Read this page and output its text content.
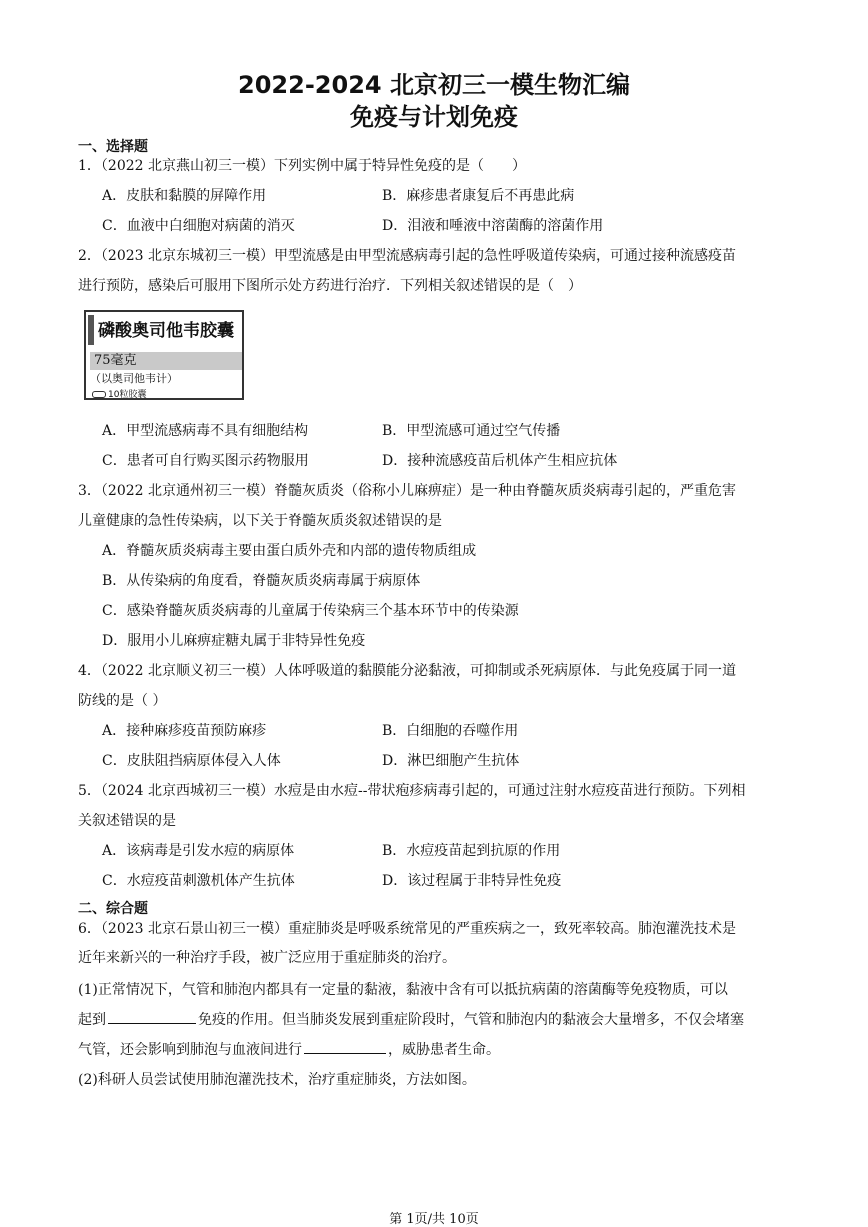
2022-2024 北京初三一模生物汇编
免疫与计划免疫
一、选择题
1．（2022 北京燕山初三一模）下列实例中属于特异性免疫的是（　　）
A．皮肤和黏膜的屏障作用	B．麻疹患者康复后不再患此病
C．血液中白细胞对病菌的消灭	D．泪液和唾液中溶菌酶的溶菌作用
2．（2023 北京东城初三一模）甲型流感是由甲型流感病毒引起的急性呼吸道传染病，可通过接种流感疫苗
进行预防，感染后可服用下图所示处方药进行治疗．下列相关叙述错误的是（　）
磷酸奥司他韦胶囊
75毫克
（以奥司他韦计）
10粒胶囊
A．甲型流感病毒不具有细胞结构	B．甲型流感可通过空气传播
C．患者可自行购买图示药物服用	D．接种流感疫苗后机体产生相应抗体
3．（2022 北京通州初三一模）脊髓灰质炎（俗称小儿麻痹症）是一种由脊髓灰质炎病毒引起的，严重危害
儿童健康的急性传染病，以下关于脊髓灰质炎叙述错误的是
A．脊髓灰质炎病毒主要由蛋白质外壳和内部的遗传物质组成
B．从传染病的角度看，脊髓灰质炎病毒属于病原体
C．感染脊髓灰质炎病毒的儿童属于传染病三个基本环节中的传染源
D．服用小儿麻痹症糖丸属于非特异性免疫
4．（2022 北京顺义初三一模）人体呼吸道的黏膜能分泌黏液，可抑制或杀死病原体．与此免疫属于同一道
防线的是（ ）
A．接种麻疹疫苗预防麻疹	B．白细胞的吞噬作用
C．皮肤阻挡病原体侵入人体	D．淋巴细胞产生抗体
5．（2024 北京西城初三一模）水痘是由水痘--带状疱疹病毒引起的，可通过注射水痘疫苗进行预防。下列相
关叙述错误的是
A．该病毒是引发水痘的病原体	B．水痘疫苗起到抗原的作用
C．水痘疫苗刺激机体产生抗体	D．该过程属于非特异性免疫
二、综合题
6．（2023 北京石景山初三一模）重症肺炎是呼吸系统常见的严重疾病之一，致死率较高。肺泡灌洗技术是
近年来新兴的一种治疗手段，被广泛应用于重症肺炎的治疗。
(1)正常情况下，气管和肺泡内都具有一定量的黏液，黏液中含有可以抵抗病菌的溶菌酶等免疫物质，可以
起到	免疫的作用。但当肺炎发展到重症阶段时，气管和肺泡内的黏液会大量增多，不仅会堵塞
气管，还会影响到肺泡与血液间进行	，威胁患者生命。
(2)科研人员尝试使用肺泡灌洗技术，治疗重症肺炎，方法如图。
第 1页/共 10页
